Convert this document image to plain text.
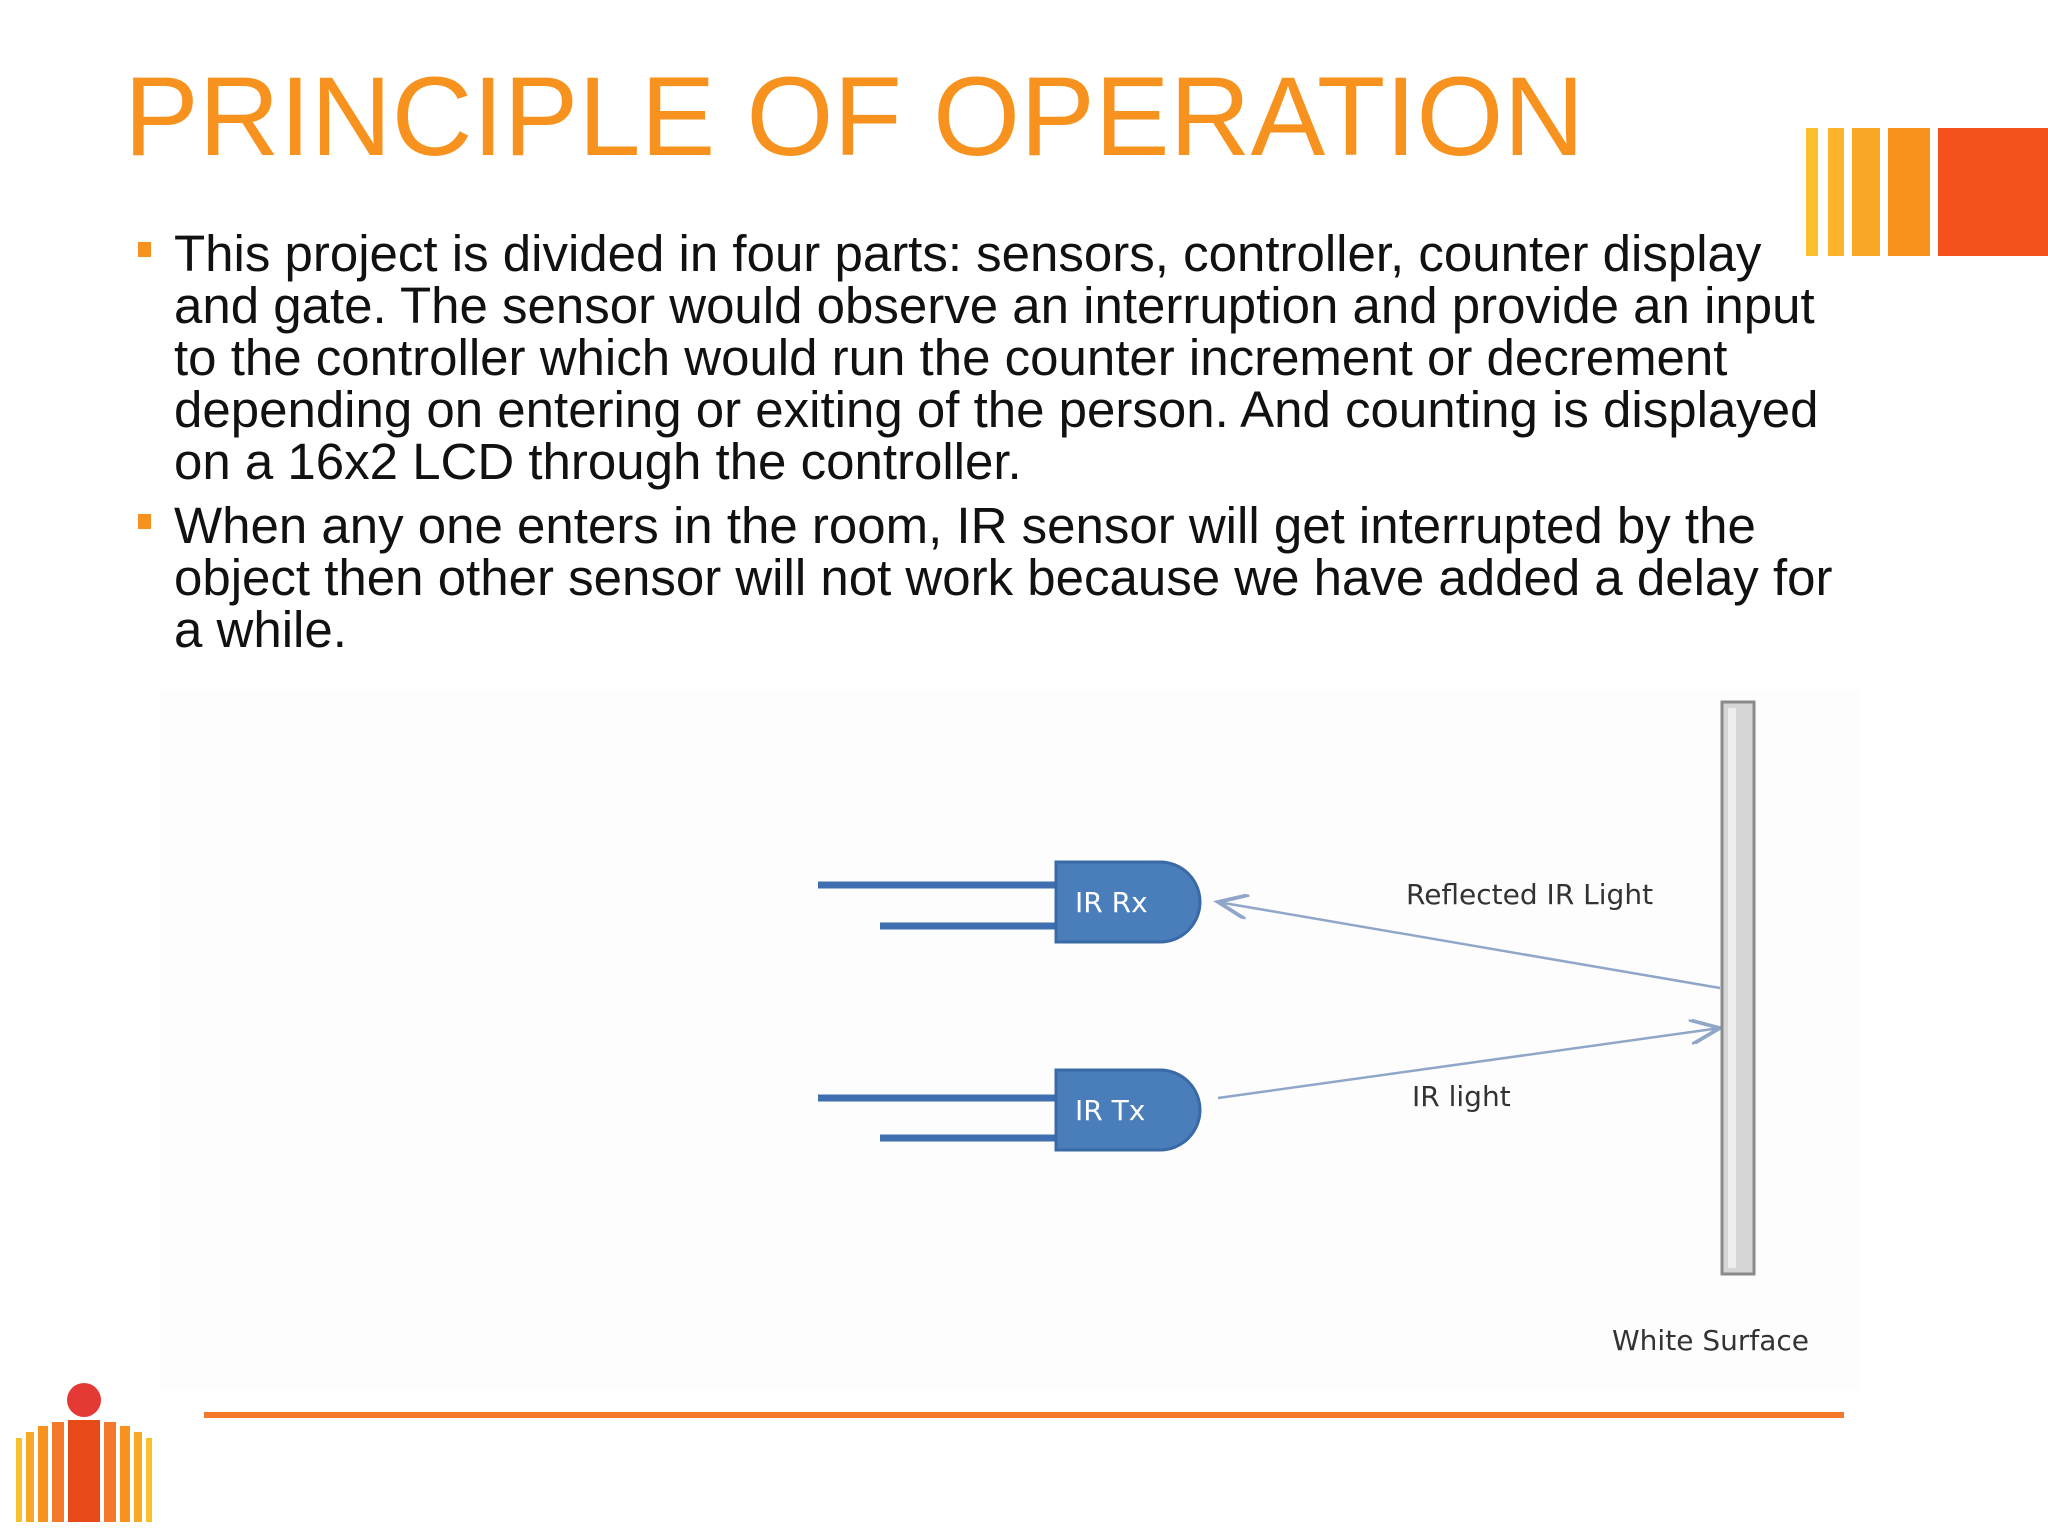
PRINCIPLE OF OPERATION
This project is divided in four parts: sensors, controller, counter display and gate. The sensor would observe an interruption and provide an input to the controller which would run the counter increment or decrement depending on entering or exiting of the person. And counting is displayed on a 16x2 LCD through the controller.
When any one enters in the room, IR sensor will get interrupted by the object then other sensor will not work because we have added a delay for a while.
IR Rx
IR Tx
Reflected IR Light
IR light
White Surface
